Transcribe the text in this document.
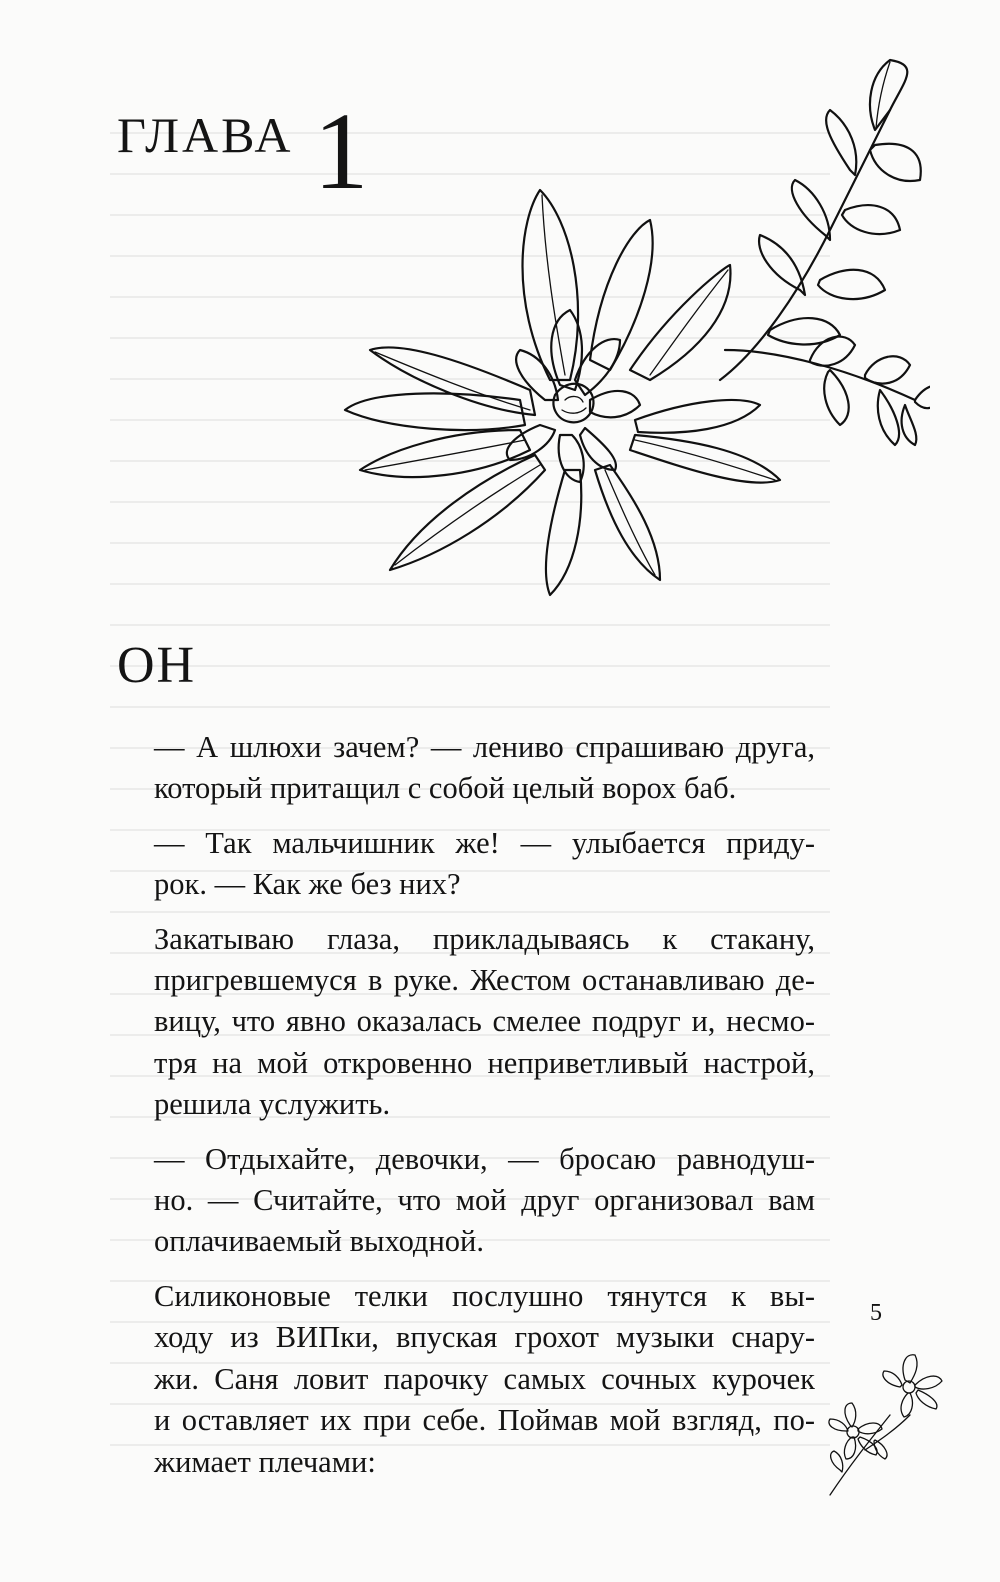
ГЛАВА 1
ОН

— А шлюхи зачем? — лениво спрашиваю друга,
который притащил с собой целый ворох баб.

— Так мальчишник же! — улыбается приду-
рок. — Как же без них?

Закатываю глаза, прикладываясь к стакану,
пригревшемуся в руке. Жестом останавливаю де-
вицу, что явно оказалась смелее подруг и, несмо-
тря на мой откровенно неприветливый настрой,
решила услужить.

— Отдыхайте, девочки, — бросаю равнодуш-
но. — Считайте, что мой друг организовал вам
оплачиваемый выходной.

Силиконовые телки послушно тянутся к вы-
ходу из ВИПки, впуская грохот музыки снару-
жи. Саня ловит парочку самых сочных курочек
и оставляет их при себе. Поймав мой взгляд, по-
жимает плечами:

5
